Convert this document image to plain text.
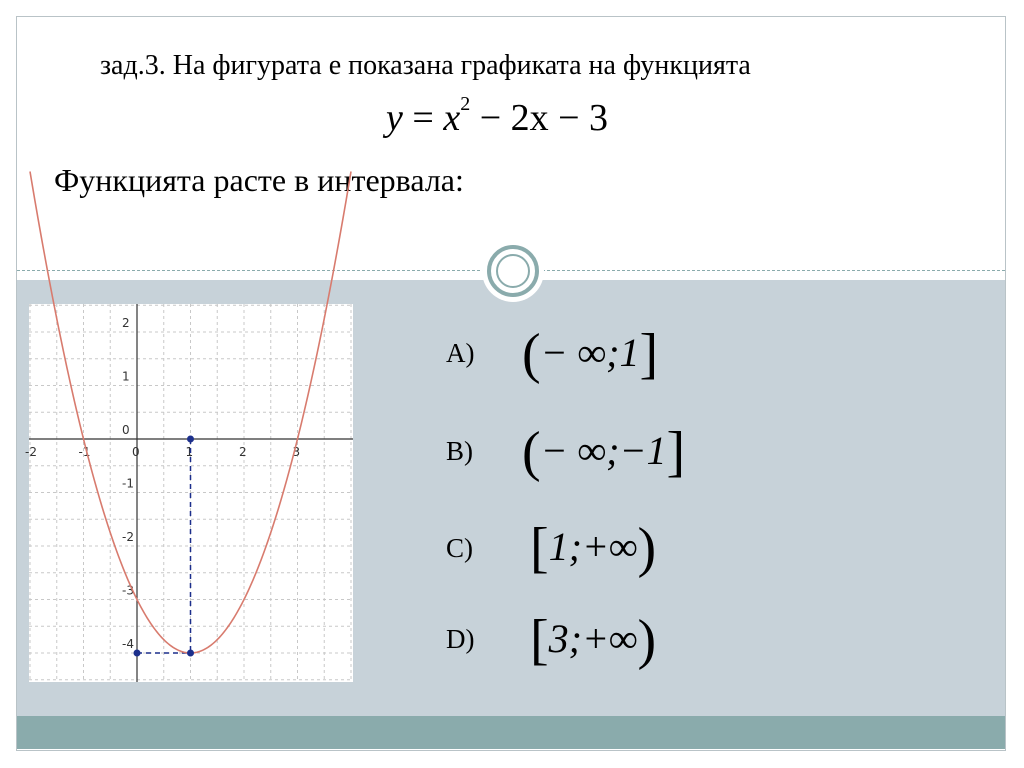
зад.3. На фигурата е показана графиката на функцията
$y = x^2 - 2x - 3$
Функцията расте в интервала:
-2	-1	0	1	2	3
2
1
0
-1
-2
-3
-4
A) (− ∞;1]
B) (− ∞;−1]
C) [1;+∞)
D) [3;+∞)
